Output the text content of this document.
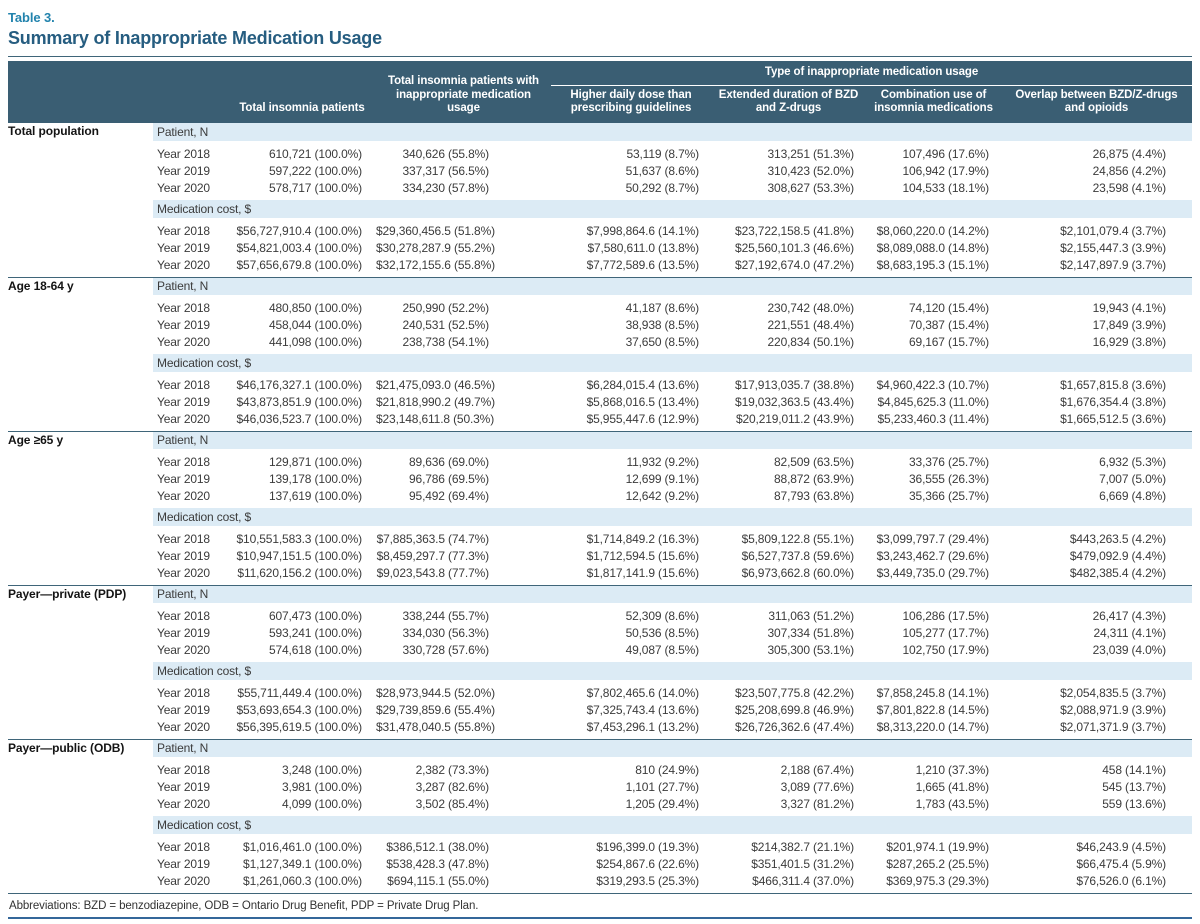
Table 3.
Summary of Inappropriate Medication Usage
		Total insomnia patients	Total insomnia patients with inappropriate medication usage	Type of inappropriate medication usage			
				Higher daily dose than prescribing guidelines	Extended duration of BZD and Z-drugs	Combination use of insomnia medications	Overlap between BZD/Z-drugs and opioids
Total population	Patient, N						

	Year 2018	610,721 (100.0%)	340,626 (55.8%)	53,119 (8.7%)	313,251 (51.3%)	107,496 (17.6%)	26,875 (4.4%)
	Year 2019	597,222 (100.0%)	337,317 (56.5%)	51,637 (8.6%)	310,423 (52.0%)	106,942 (17.9%)	24,856 (4.2%)
	Year 2020	578,717 (100.0%)	334,230 (57.8%)	50,292 (8.7%)	308,627 (53.3%)	104,533 (18.1%)	23,598 (4.1%)

	Medication cost, $						

	Year 2018	$56,727,910.4 (100.0%)	$29,360,456.5 (51.8%)	$7,998,864.6 (14.1%)	$23,722,158.5 (41.8%)	$8,060,220.0 (14.2%)	$2,101,079.4 (3.7%)
	Year 2019	$54,821,003.4 (100.0%)	$30,278,287.9 (55.2%)	$7,580,611.0 (13.8%)	$25,560,101.3 (46.6%)	$8,089,088.0 (14.8%)	$2,155,447.3 (3.9%)
	Year 2020	$57,656,679.8 (100.0%)	$32,172,155.6 (55.8%)	$7,772,589.6 (13.5%)	$27,192,674.0 (47.2%)	$8,683,195.3 (15.1%)	$2,147,897.9 (3.7%)

Age 18-64 y	Patient, N						

	Year 2018	480,850 (100.0%)	250,990 (52.2%)	41,187 (8.6%)	230,742 (48.0%)	74,120 (15.4%)	19,943 (4.1%)
	Year 2019	458,044 (100.0%)	240,531 (52.5%)	38,938 (8.5%)	221,551 (48.4%)	70,387 (15.4%)	17,849 (3.9%)
	Year 2020	441,098 (100.0%)	238,738 (54.1%)	37,650 (8.5%)	220,834 (50.1%)	69,167 (15.7%)	16,929 (3.8%)

	Medication cost, $						

	Year 2018	$46,176,327.1 (100.0%)	$21,475,093.0 (46.5%)	$6,284,015.4 (13.6%)	$17,913,035.7 (38.8%)	$4,960,422.3 (10.7%)	$1,657,815.8 (3.6%)
	Year 2019	$43,873,851.9 (100.0%)	$21,818,990.2 (49.7%)	$5,868,016.5 (13.4%)	$19,032,363.5 (43.4%)	$4,845,625.3 (11.0%)	$1,676,354.4 (3.8%)
	Year 2020	$46,036,523.7 (100.0%)	$23,148,611.8 (50.3%)	$5,955,447.6 (12.9%)	$20,219,011.2 (43.9%)	$5,233,460.3 (11.4%)	$1,665,512.5 (3.6%)

Age ≥65 y	Patient, N						

	Year 2018	129,871 (100.0%)	89,636 (69.0%)	11,932 (9.2%)	82,509 (63.5%)	33,376 (25.7%)	6,932 (5.3%)
	Year 2019	139,178 (100.0%)	96,786 (69.5%)	12,699 (9.1%)	88,872 (63.9%)	36,555 (26.3%)	7,007 (5.0%)
	Year 2020	137,619 (100.0%)	95,492 (69.4%)	12,642 (9.2%)	87,793 (63.8%)	35,366 (25.7%)	6,669 (4.8%)

	Medication cost, $						

	Year 2018	$10,551,583.3 (100.0%)	$7,885,363.5 (74.7%)	$1,714,849.2 (16.3%)	$5,809,122.8 (55.1%)	$3,099,797.7 (29.4%)	$443,263.5 (4.2%)
	Year 2019	$10,947,151.5 (100.0%)	$8,459,297.7 (77.3%)	$1,712,594.5 (15.6%)	$6,527,737.8 (59.6%)	$3,243,462.7 (29.6%)	$479,092.9 (4.4%)
	Year 2020	$11,620,156.2 (100.0%)	$9,023,543.8 (77.7%)	$1,817,141.9 (15.6%)	$6,973,662.8 (60.0%)	$3,449,735.0 (29.7%)	$482,385.4 (4.2%)

Payer—private (PDP)	Patient, N						

	Year 2018	607,473 (100.0%)	338,244 (55.7%)	52,309 (8.6%)	311,063 (51.2%)	106,286 (17.5%)	26,417 (4.3%)
	Year 2019	593,241 (100.0%)	334,030 (56.3%)	50,536 (8.5%)	307,334 (51.8%)	105,277 (17.7%)	24,311 (4.1%)
	Year 2020	574,618 (100.0%)	330,728 (57.6%)	49,087 (8.5%)	305,300 (53.1%)	102,750 (17.9%)	23,039 (4.0%)

	Medication cost, $						

	Year 2018	$55,711,449.4 (100.0%)	$28,973,944.5 (52.0%)	$7,802,465.6 (14.0%)	$23,507,775.8 (42.2%)	$7,858,245.8 (14.1%)	$2,054,835.5 (3.7%)
	Year 2019	$53,693,654.3 (100.0%)	$29,739,859.6 (55.4%)	$7,325,743.4 (13.6%)	$25,208,699.8 (46.9%)	$7,801,822.8 (14.5%)	$2,088,971.9 (3.9%)
	Year 2020	$56,395,619.5 (100.0%)	$31,478,040.5 (55.8%)	$7,453,296.1 (13.2%)	$26,726,362.6 (47.4%)	$8,313,220.0 (14.7%)	$2,071,371.9 (3.7%)

Payer—public (ODB)	Patient, N						

	Year 2018	3,248 (100.0%)	2,382 (73.3%)	810 (24.9%)	2,188 (67.4%)	1,210 (37.3%)	458 (14.1%)
	Year 2019	3,981 (100.0%)	3,287 (82.6%)	1,101 (27.7%)	3,089 (77.6%)	1,665 (41.8%)	545 (13.7%)
	Year 2020	4,099 (100.0%)	3,502 (85.4%)	1,205 (29.4%)	3,327 (81.2%)	1,783 (43.5%)	559 (13.6%)

	Medication cost, $						

	Year 2018	$1,016,461.0 (100.0%)	$386,512.1 (38.0%)	$196,399.0 (19.3%)	$214,382.7 (21.1%)	$201,974.1 (19.9%)	$46,243.9 (4.5%)
	Year 2019	$1,127,349.1 (100.0%)	$538,428.3 (47.8%)	$254,867.6 (22.6%)	$351,401.5 (31.2%)	$287,265.2 (25.5%)	$66,475.4 (5.9%)
	Year 2020	$1,261,060.3 (100.0%)	$694,115.1 (55.0%)	$319,293.5 (25.3%)	$466,311.4 (37.0%)	$369,975.3 (29.3%)	$76,526.0 (6.1%)

Abbreviations: BZD = benzodiazepine, ODB = Ontario Drug Benefit, PDP = Private Drug Plan.
